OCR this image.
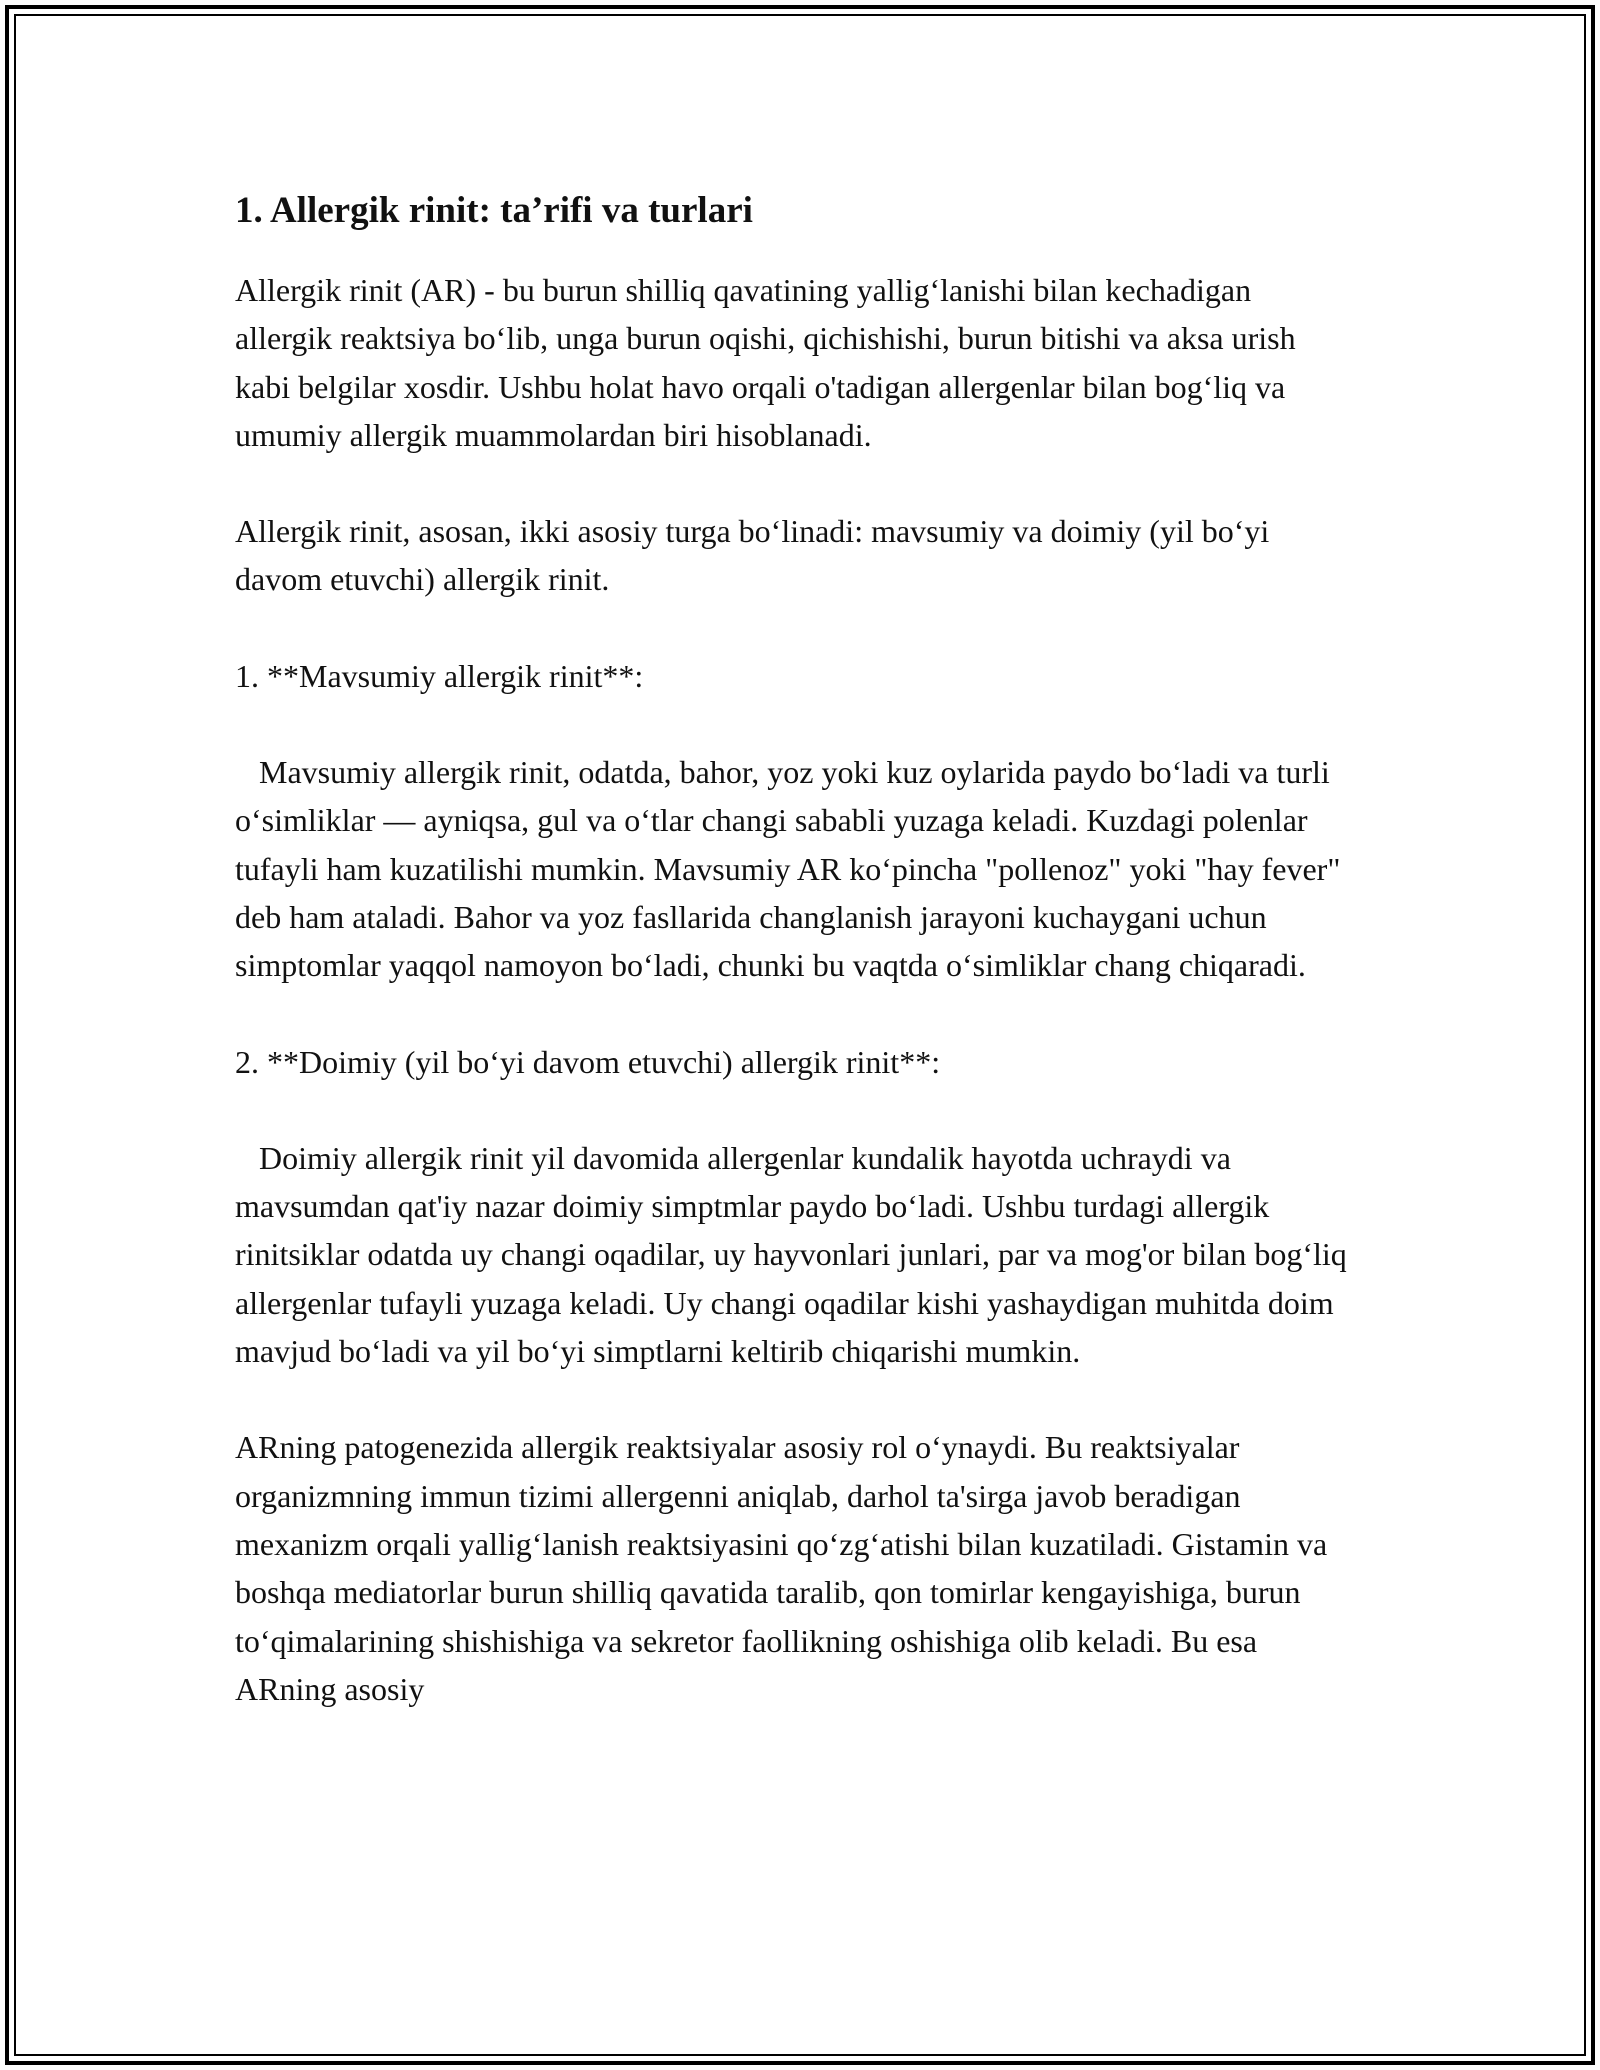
1. Allergik rinit: ta’rifi va turlari

Allergik rinit (AR) - bu burun shilliq qavatining yallig‘lanishi bilan kechadigan allergik reaktsiya bo‘lib, unga burun oqishi, qichishishi, burun bitishi va aksa urish kabi belgilar xosdir. Ushbu holat havo orqali o'tadigan allergenlar bilan bog‘liq va umumiy allergik muammolardan biri hisoblanadi.

Allergik rinit, asosan, ikki asosiy turga bo‘linadi: mavsumiy va doimiy (yil bo‘yi davom etuvchi) allergik rinit.

1. **Mavsumiy allergik rinit**:

Mavsumiy allergik rinit, odatda, bahor, yoz yoki kuz oylarida paydo bo‘ladi va turli o‘simliklar — ayniqsa, gul va o‘tlar changi sababli yuzaga keladi. Kuzdagi polenlar tufayli ham kuzatilishi mumkin. Mavsumiy AR ko‘pincha "pollenoz" yoki "hay fever" deb ham ataladi. Bahor va yoz fasllarida changlanish jarayoni kuchaygani uchun simptomlar yaqqol namoyon bo‘ladi, chunki bu vaqtda o‘simliklar chang chiqaradi.

2. **Doimiy (yil bo‘yi davom etuvchi) allergik rinit**:

Doimiy allergik rinit yil davomida allergenlar kundalik hayotda uchraydi va mavsumdan qat'iy nazar doimiy simptmlar paydo bo‘ladi. Ushbu turdagi allergik rinitsiklar odatda uy changi oqadilar, uy hayvonlari junlari, par va mog'or bilan bog‘liq allergenlar tufayli yuzaga keladi. Uy changi oqadilar kishi yashaydigan muhitda doim mavjud bo‘ladi va yil bo‘yi simptlarni keltirib chiqarishi mumkin.

ARning patogenezida allergik reaktsiyalar asosiy rol o‘ynaydi. Bu reaktsiyalar organizmning immun tizimi allergenni aniqlab, darhol ta'sirga javob beradigan mexanizm orqali yallig‘lanish reaktsiyasini qo‘zg‘atishi bilan kuzatiladi. Gistamin va boshqa mediatorlar burun shilliq qavatida taralib, qon tomirlar kengayishiga, burun to‘qimalarining shishishiga va sekretor faollikning oshishiga olib keladi. Bu esa ARning asosiy
